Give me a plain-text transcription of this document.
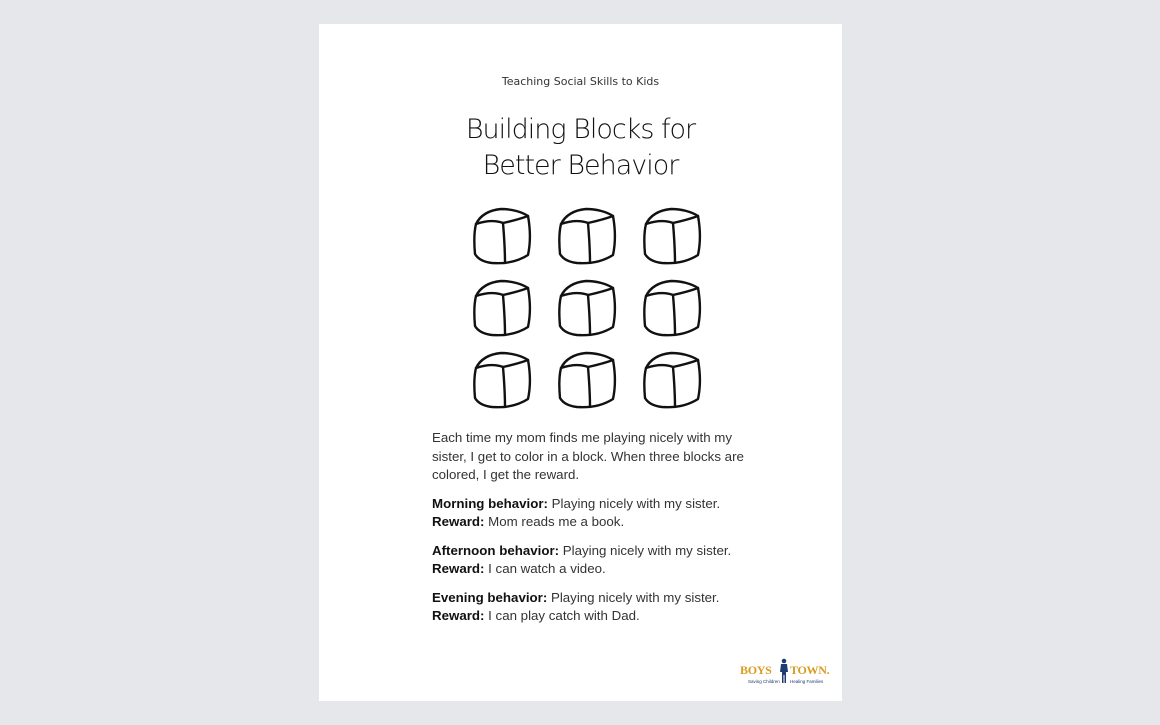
Teaching Social Skills to Kids
Building Blocks for
Better Behavior

Each time my mom finds me playing nicely with my sister, I get to color in a block. When three blocks are colored, I get the reward.

Morning behavior: Playing nicely with my sister.

Reward: Mom reads me a book.

Afternoon behavior: Playing nicely with my sister.

Reward: I can watch a video.

Evening behavior: Playing nicely with my sister.

Reward: I can play catch with Dad.

BOYS TOWN.
Saving Children Healing Families
